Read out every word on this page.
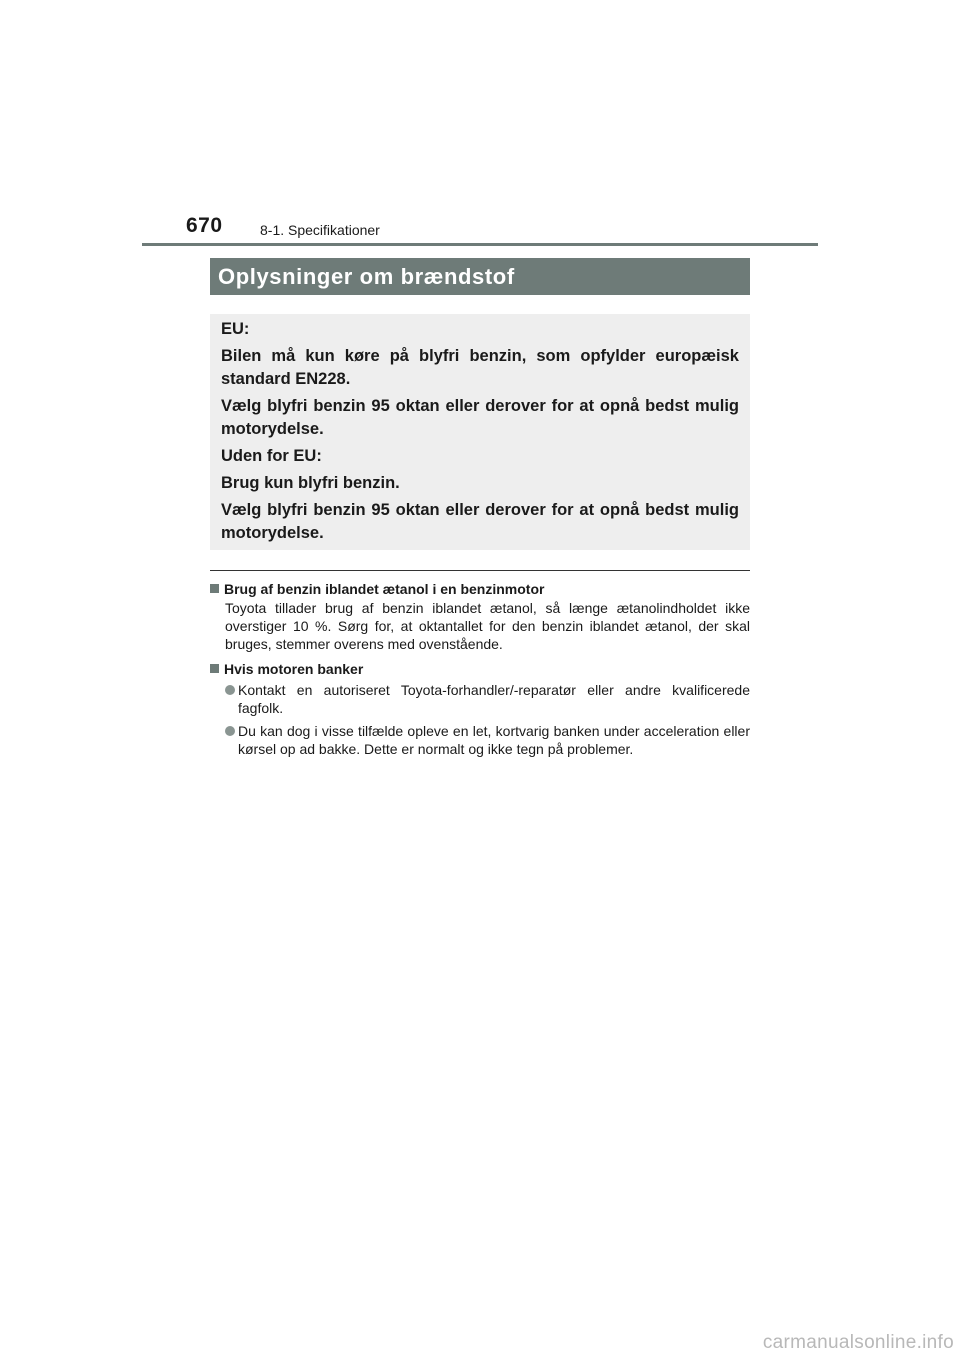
670	8-1. Specifikationer
Oplysninger om brændstof

EU:

Bilen må kun køre på blyfri benzin, som opfylder europæisk standard EN228.

Vælg blyfri benzin 95 oktan eller derover for at opnå bedst mulig motorydelse.

Uden for EU:

Brug kun blyfri benzin.

Vælg blyfri benzin 95 oktan eller derover for at opnå bedst mulig motorydelse.

Brug af benzin iblandet ætanol i en benzinmotor
Toyota tillader brug af benzin iblandet ætanol, så længe ætanolindholdet ikke overstiger 10 %. Sørg for, at oktantallet for den benzin iblandet ætanol, der skal bruges, stemmer overens med ovenstående.
Hvis motoren banker
Kontakt en autoriseret Toyota-forhandler/-reparatør eller andre kvalificerede fagfolk.
Du kan dog i visse tilfælde opleve en let, kortvarig banken under acceleration eller kørsel op ad bakke. Dette er normalt og ikke tegn på problemer.
carmanualsonline.info
